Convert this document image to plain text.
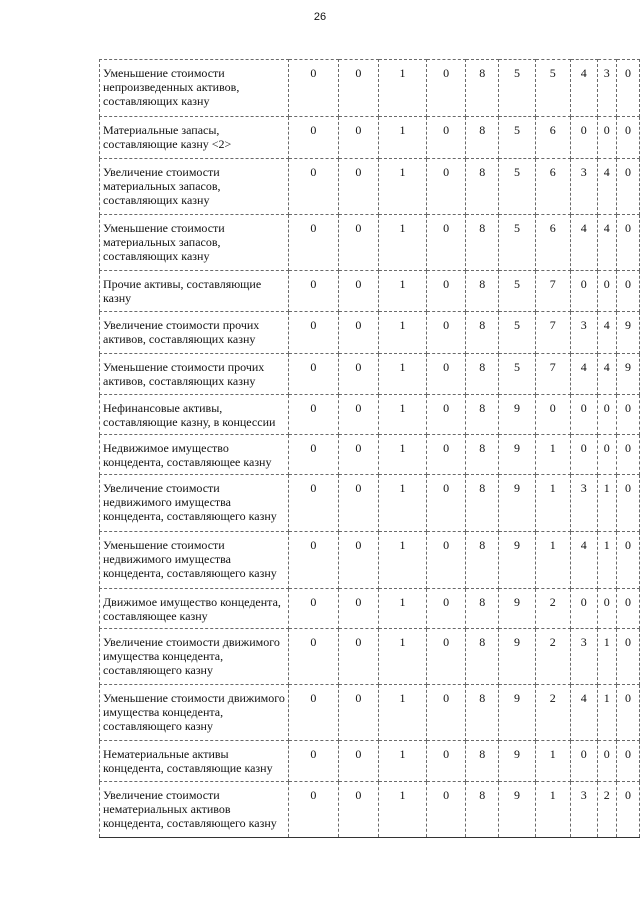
26
Уменьшение стоимости непроизведенных активов, составляющих казну	0	0	1	0	8	5	5	4	3	0
Материальные запасы, составляющие казну <2>	0	0	1	0	8	5	6	0	0	0
Увеличение стоимости материальных запасов, составляющих казну	0	0	1	0	8	5	6	3	4	0
Уменьшение стоимости материальных запасов, составляющих казну	0	0	1	0	8	5	6	4	4	0
Прочие активы, составляющие казну	0	0	1	0	8	5	7	0	0	0
Увеличение стоимости прочих активов, составляющих казну	0	0	1	0	8	5	7	3	4	9
Уменьшение стоимости прочих активов, составляющих казну	0	0	1	0	8	5	7	4	4	9
Нефинансовые активы, составляющие казну, в концессии	0	0	1	0	8	9	0	0	0	0
Недвижимое имущество концедента, составляющее казну	0	0	1	0	8	9	1	0	0	0
Увеличение стоимости недвижимого имущества концедента, составляющего казну	0	0	1	0	8	9	1	3	1	0
Уменьшение стоимости недвижимого имущества концедента, составляющего казну	0	0	1	0	8	9	1	4	1	0
Движимое имущество концедента, составляющее казну	0	0	1	0	8	9	2	0	0	0
Увеличение стоимости движимого имущества концедента, составляющего казну	0	0	1	0	8	9	2	3	1	0
Уменьшение стоимости движимого имущества концедента, составляющего казну	0	0	1	0	8	9	2	4	1	0
Нематериальные активы концедента, составляющие казну	0	0	1	0	8	9	1	0	0	0
Увеличение стоимости нематериальных активов концедента, составляющего казну	0	0	1	0	8	9	1	3	2	0
